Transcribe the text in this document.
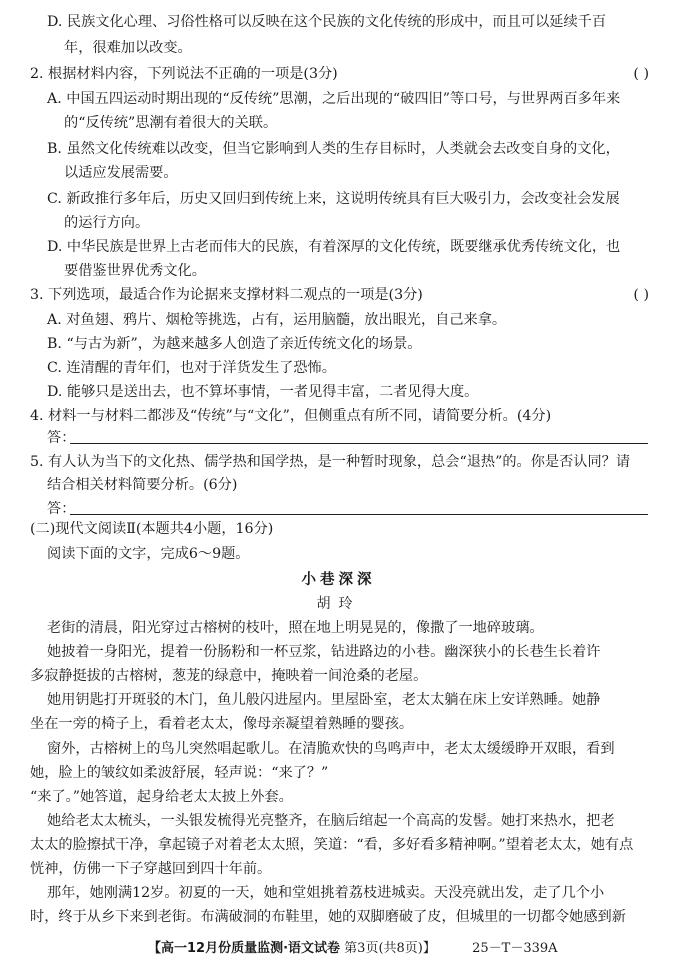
D. 民族文化心理、习俗性格可以反映在这个民族的文化传统的形成中，而且可以延续千百
年，很难加以改变。
2. 根据材料内容，下列说法不正确的一项是(3分)	( )
A. 中国五四运动时期出现的“反传统”思潮，之后出现的“破四旧”等口号，与世界两百多年来
的“反传统”思潮有着很大的关联。
B. 虽然文化传统难以改变，但当它影响到人类的生存目标时，人类就会去改变自身的文化，
以适应发展需要。
C. 新政推行多年后，历史又回归到传统上来，这说明传统具有巨大吸引力，会改变社会发展
的运行方向。
D. 中华民族是世界上古老而伟大的民族，有着深厚的文化传统，既要继承优秀传统文化，也
要借鉴世界优秀文化。
3. 下列选项，最适合作为论据来支撑材料二观点的一项是(3分)	( )
A. 对鱼翅、鸦片、烟枪等挑选，占有，运用脑髓，放出眼光，自己来拿。
B. “与古为新”，为越来越多人创造了亲近传统文化的场景。
C. 连清醒的青年们，也对于洋货发生了恐怖。
D. 能够只是送出去，也不算坏事情，一者见得丰富，二者见得大度。
4. 材料一与材料二都涉及“传统”与“文化”，但侧重点有所不同，请简要分析。(4分)
答：
5. 有人认为当下的文化热、儒学热和国学热，是一种暂时现象，总会“退热”的。你是否认同？请
结合相关材料简要分析。(6分)
答：
(二)现代文阅读Ⅱ(本题共4小题，16分)
阅读下面的文字，完成6～9题。
小巷深深
胡玲
老街的清晨，阳光穿过古榕树的枝叶，照在地上明晃晃的，像撒了一地碎玻璃。
她披着一身阳光，提着一份肠粉和一杯豆浆，钻进路边的小巷。幽深狭小的长巷生长着许
多寂静挺拔的古榕树，葱茏的绿意中，掩映着一间沧桑的老屋。
她用钥匙打开斑驳的木门，鱼儿般闪进屋内。里屋卧室，老太太躺在床上安详熟睡。她静
坐在一旁的椅子上，看着老太太，像母亲凝望着熟睡的婴孩。
窗外，古榕树上的鸟儿突然唱起歌儿。在清脆欢快的鸟鸣声中，老太太缓缓睁开双眼，看到
她，脸上的皱纹如柔波舒展，轻声说：“来了？”
“来了。”她答道，起身给老太太披上外套。
她给老太太梳头，一头银发梳得光亮整齐，在脑后绾起一个高高的发髻。她打来热水，把老
太太的脸擦拭干净，拿起镜子对着老太太照，笑道：“看，多好看多精神啊。”望着老太太，她有点
恍神，仿佛一下子穿越回到四十年前。
那年，她刚满12岁。初夏的一天，她和堂姐挑着荔枝进城卖。天没亮就出发，走了几个小
时，终于从乡下来到老街。布满破洞的布鞋里，她的双脚磨破了皮，但城里的一切都令她感到新
【高一12月份质量监测·语文试卷 第3页(共8页)】	25－T－339A
